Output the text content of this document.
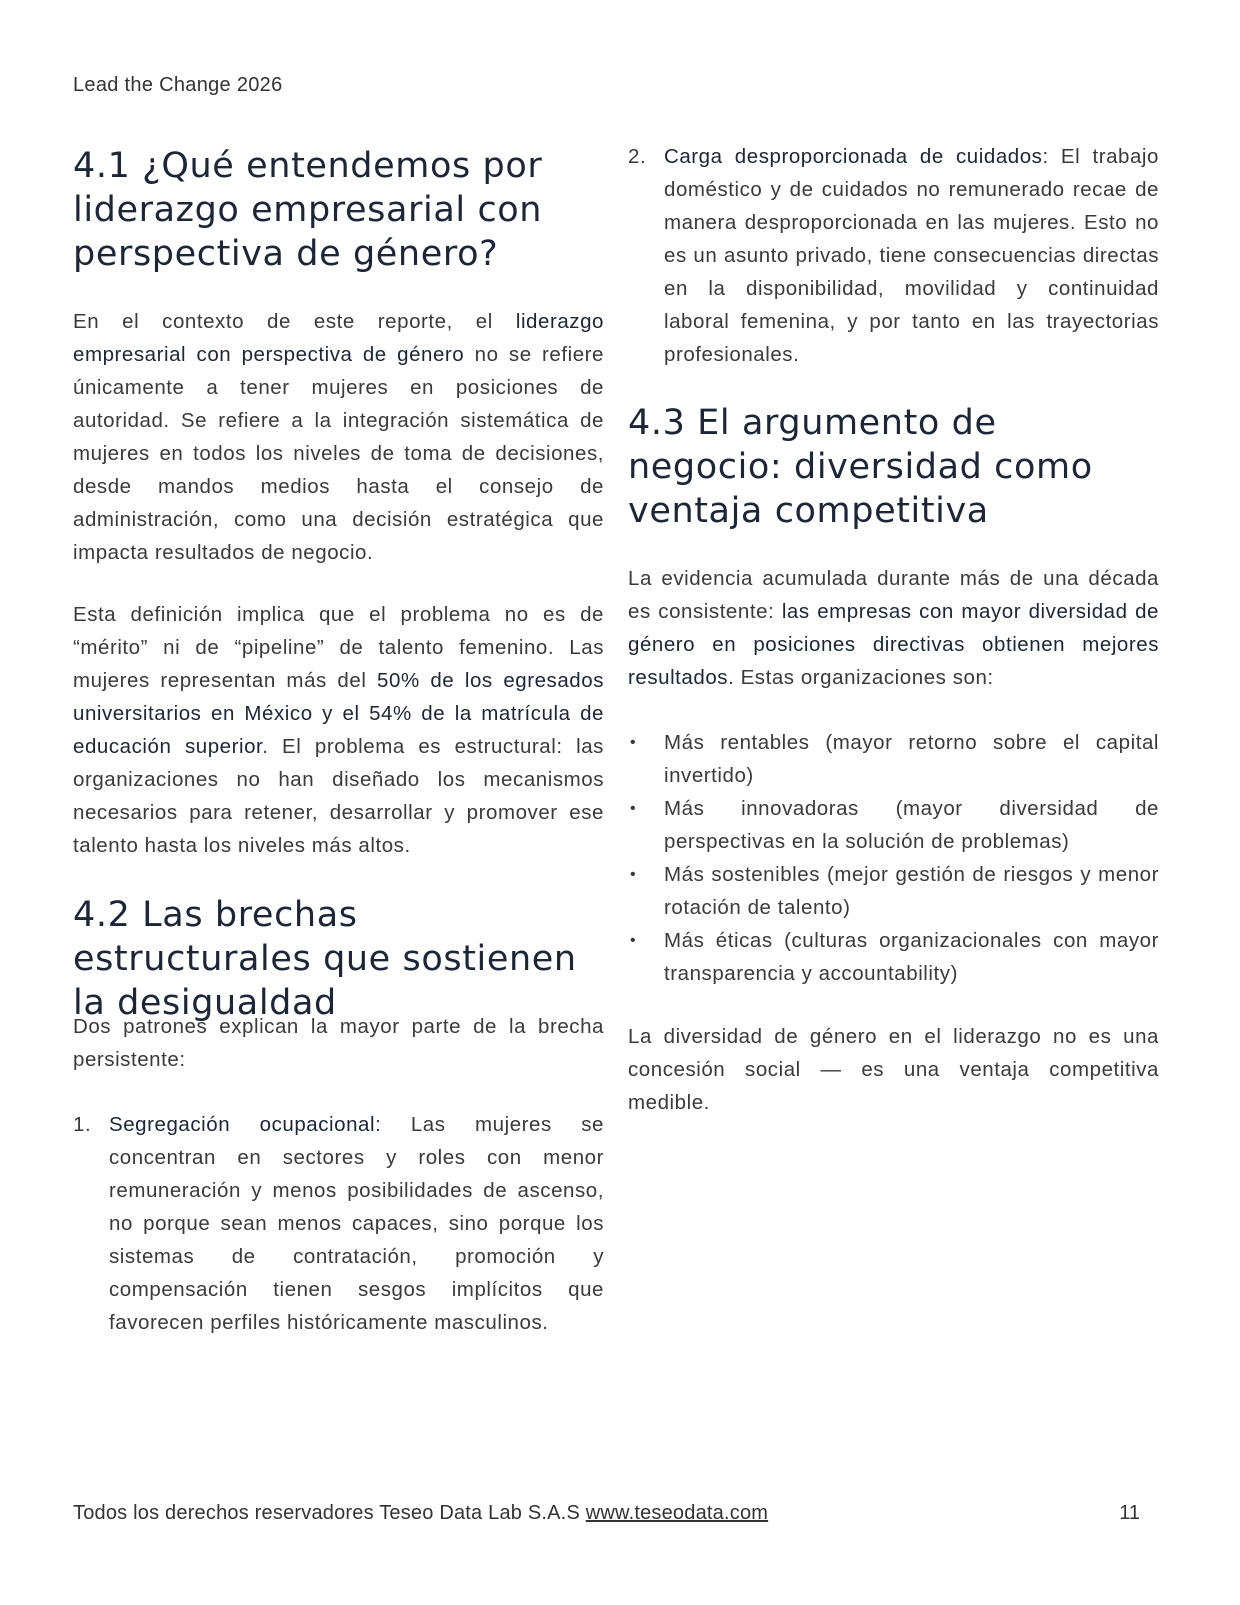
Lead the Change 2026
4.1 ¿Qué entendemos por liderazgo empresarial con perspectiva de género?

En el contexto de este reporte, el liderazgo empresarial con perspectiva de género no se refiere únicamente a tener mujeres en posiciones de autoridad. Se refiere a la integración sistemática de mujeres en todos los niveles de toma de decisiones, desde mandos medios hasta el consejo de administración, como una decisión estratégica que impacta resultados de negocio.

Esta definición implica que el problema no es de “mérito” ni de “pipeline” de talento femenino. Las mujeres representan más del 50% de los egresados universitarios en México y el 54% de la matrícula de educación superior. El problema es estructural: las organizaciones no han diseñado los mecanismos necesarios para retener, desarrollar y promover ese talento hasta los niveles más altos.

4.2 Las brechas estructurales que sostienen la desigualdad

Dos patrones explican la mayor parte de la brecha persistente:

1. Segregación ocupacional: Las mujeres se concentran en sectores y roles con menor remuneración y menos posibilidades de ascenso, no porque sean menos capaces, sino porque los sistemas de contratación, promoción y compensación tienen sesgos implícitos que favorecen perfiles históricamente masculinos.
2. Carga desproporcionada de cuidados: El trabajo doméstico y de cuidados no remunerado recae de manera desproporcionada en las mujeres. Esto no es un asunto privado, tiene consecuencias directas en la disponibilidad, movilidad y continuidad laboral femenina, y por tanto en las trayectorias profesionales.
4.3 El argumento de negocio: diversidad como ventaja competitiva

La evidencia acumulada durante más de una década es consistente: las empresas con mayor diversidad de género en posiciones directivas obtienen mejores resultados. Estas organizaciones son:

• Más rentables (mayor retorno sobre el capital invertido)
• Más innovadoras (mayor diversidad de perspectivas en la solución de problemas)
• Más sostenibles (mejor gestión de riesgos y menor rotación de talento)
• Más éticas (culturas organizacionales con mayor transparencia y accountability)

La diversidad de género en el liderazgo no es una concesión social — es una ventaja competitiva medible.

Todos los derechos reservadores Teseo Data Lab S.A.S www.teseodata.com	11
